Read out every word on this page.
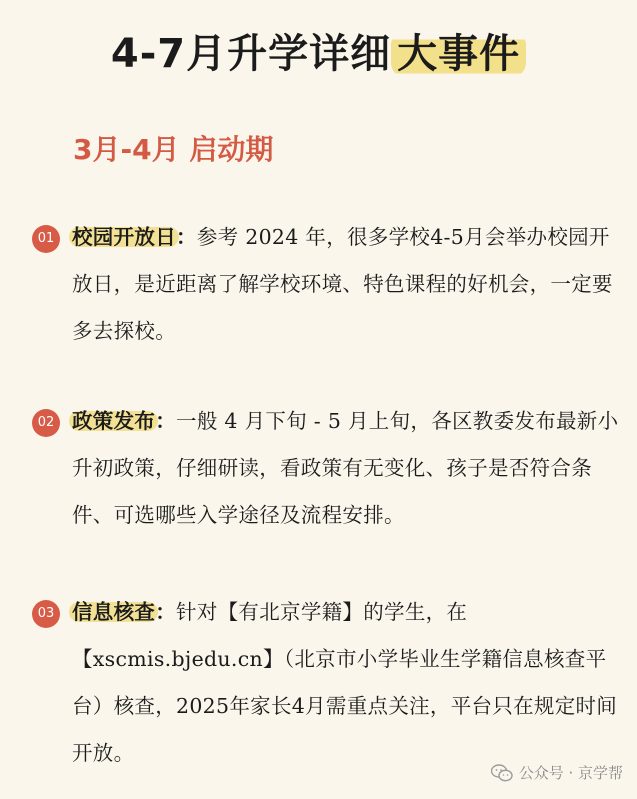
4-7月升学详细 大事件
3月-4月 启动期
01 校园开放日：参考 2024 年，很多学校4-5月会举办校园开放日，是近距离了解学校环境、特色课程的好机会，一定要多去探校。
02 政策发布：一般 4 月下旬 - 5 月上旬，各区教委发布最新小升初政策，仔细研读，看政策有无变化、孩子是否符合条件、可选哪些入学途径及流程安排。
03 信息核查：针对【有北京学籍】的学生，在【xscmis.bjedu.cn】（北京市小学毕业生学籍信息核查平台）核查，2025年家长4月需重点关注，平台只在规定时间开放。
公众号 · 京学帮
